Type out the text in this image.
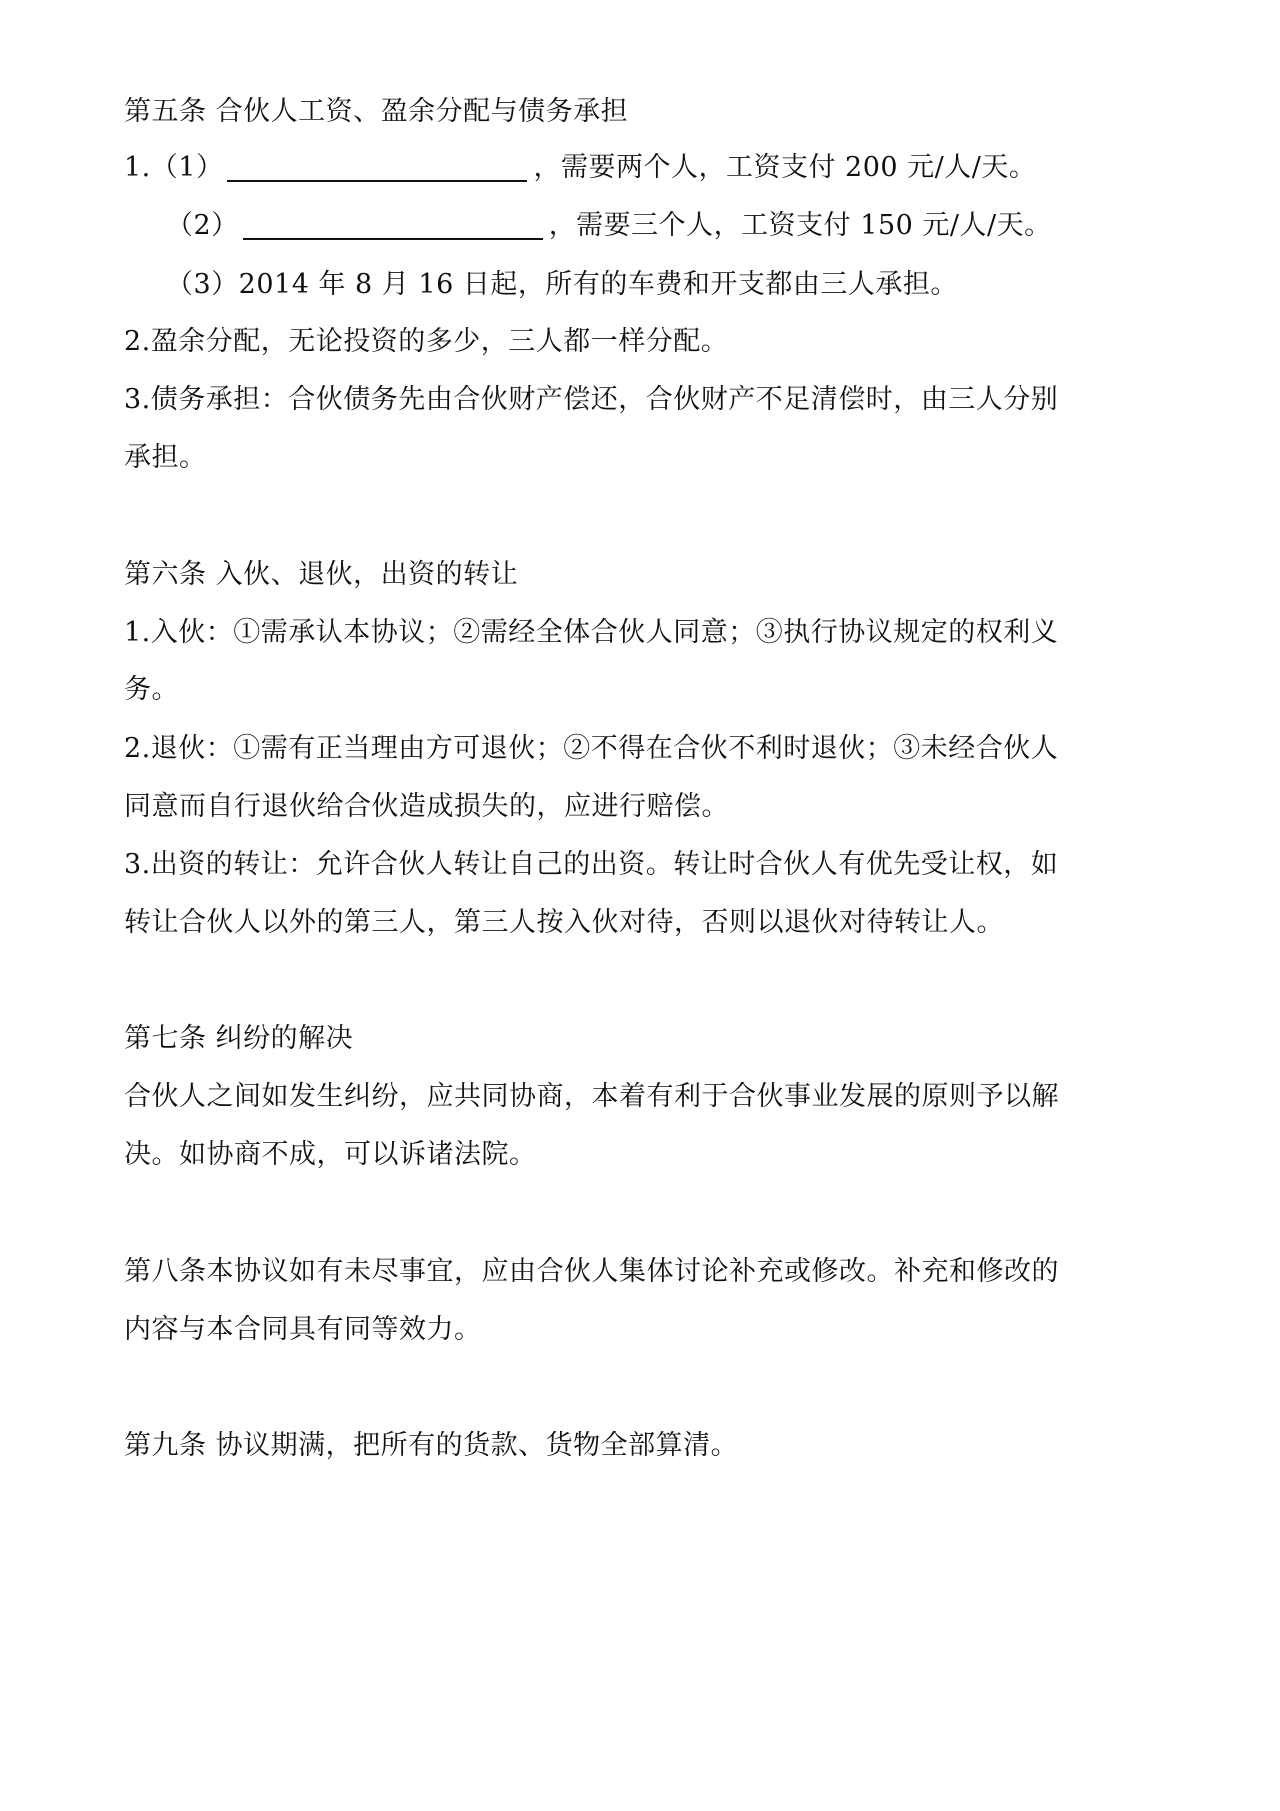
第五条 合伙人工资、盈余分配与债务承担
1.（1）	，需要两个人，工资支付 200 元/人/天。
（2）	，需要三个人，工资支付 150 元/人/天。
（3）2014 年 8 月 16 日起，所有的车费和开支都由三人承担。
2.盈余分配，无论投资的多少，三人都一样分配。
3.债务承担：合伙债务先由合伙财产偿还，合伙财产不足清偿时，由三人分别
承担。
第六条 入伙、退伙，出资的转让
1.入伙：①需承认本协议；②需经全体合伙人同意；③执行协议规定的权利义
务。
2.退伙：①需有正当理由方可退伙；②不得在合伙不利时退伙；③未经合伙人
同意而自行退伙给合伙造成损失的，应进行赔偿。
3.出资的转让：允许合伙人转让自己的出资。转让时合伙人有优先受让权，如
转让合伙人以外的第三人，第三人按入伙对待，否则以退伙对待转让人。
第七条 纠纷的解决
合伙人之间如发生纠纷，应共同协商，本着有利于合伙事业发展的原则予以解
决。如协商不成，可以诉诸法院。
第八条本协议如有未尽事宜，应由合伙人集体讨论补充或修改。补充和修改的
内容与本合同具有同等效力。
第九条 协议期满，把所有的货款、货物全部算清。
